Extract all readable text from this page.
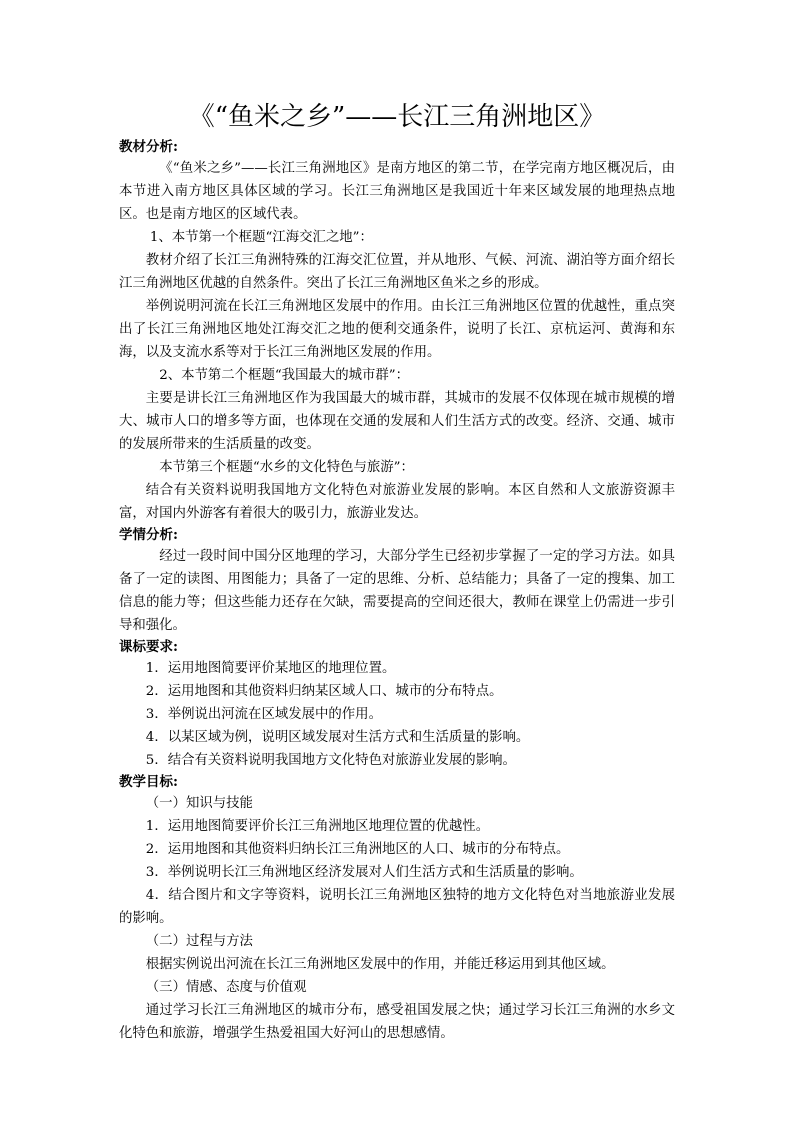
《“鱼米之乡”——长江三角洲地区》
教材分析:
《“鱼米之乡”——长江三角洲地区》是南方地区的第二节，在学完南方地区概况后，由本节进入南方地区具体区域的学习。长江三角洲地区是我国近十年来区域发展的地理热点地区。也是南方地区的区域代表。
1、本节第一个框题“江海交汇之地”：
教材介绍了长江三角洲特殊的江海交汇位置，并从地形、气候、河流、湖泊等方面介绍长江三角洲地区优越的自然条件。突出了长江三角洲地区鱼米之乡的形成。
举例说明河流在长江三角洲地区发展中的作用。由长江三角洲地区位置的优越性，重点突出了长江三角洲地区地处江海交汇之地的便利交通条件，说明了长江、京杭运河、黄海和东海，以及支流水系等对于长江三角洲地区发展的作用。
2、本节第二个框题“我国最大的城市群”：
主要是讲长江三角洲地区作为我国最大的城市群，其城市的发展不仅体现在城市规模的增大、城市人口的增多等方面，也体现在交通的发展和人们生活方式的改变。经济、交通、城市的发展所带来的生活质量的改变。
本节第三个框题“水乡的文化特色与旅游”：
结合有关资料说明我国地方文化特色对旅游业发展的影响。本区自然和人文旅游资源丰富，对国内外游客有着很大的吸引力，旅游业发达。
学情分析:
经过一段时间中国分区地理的学习，大部分学生已经初步掌握了一定的学习方法。如具备了一定的读图、用图能力；具备了一定的思维、分析、总结能力；具备了一定的搜集、加工信息的能力等；但这些能力还存在欠缺，需要提高的空间还很大，教师在课堂上仍需进一步引导和强化。
课标要求:
1．运用地图简要评价某地区的地理位置。
2．运用地图和其他资料归纳某区域人口、城市的分布特点。
3．举例说出河流在区域发展中的作用。
4．以某区域为例，说明区域发展对生活方式和生活质量的影响。
5．结合有关资料说明我国地方文化特色对旅游业发展的影响。
教学目标:
（一）知识与技能
1．运用地图简要评价长江三角洲地区地理位置的优越性。
2．运用地图和其他资料归纳长江三角洲地区的人口、城市的分布特点。
3．举例说明长江三角洲地区经济发展对人们生活方式和生活质量的影响。
4．结合图片和文字等资料，说明长江三角洲地区独特的地方文化特色对当地旅游业发展的影响。
（二）过程与方法
根据实例说出河流在长江三角洲地区发展中的作用，并能迁移运用到其他区域。
（三）情感、态度与价值观
通过学习长江三角洲地区的城市分布，感受祖国发展之快；通过学习长江三角洲的水乡文化特色和旅游，增强学生热爱祖国大好河山的思想感情。
